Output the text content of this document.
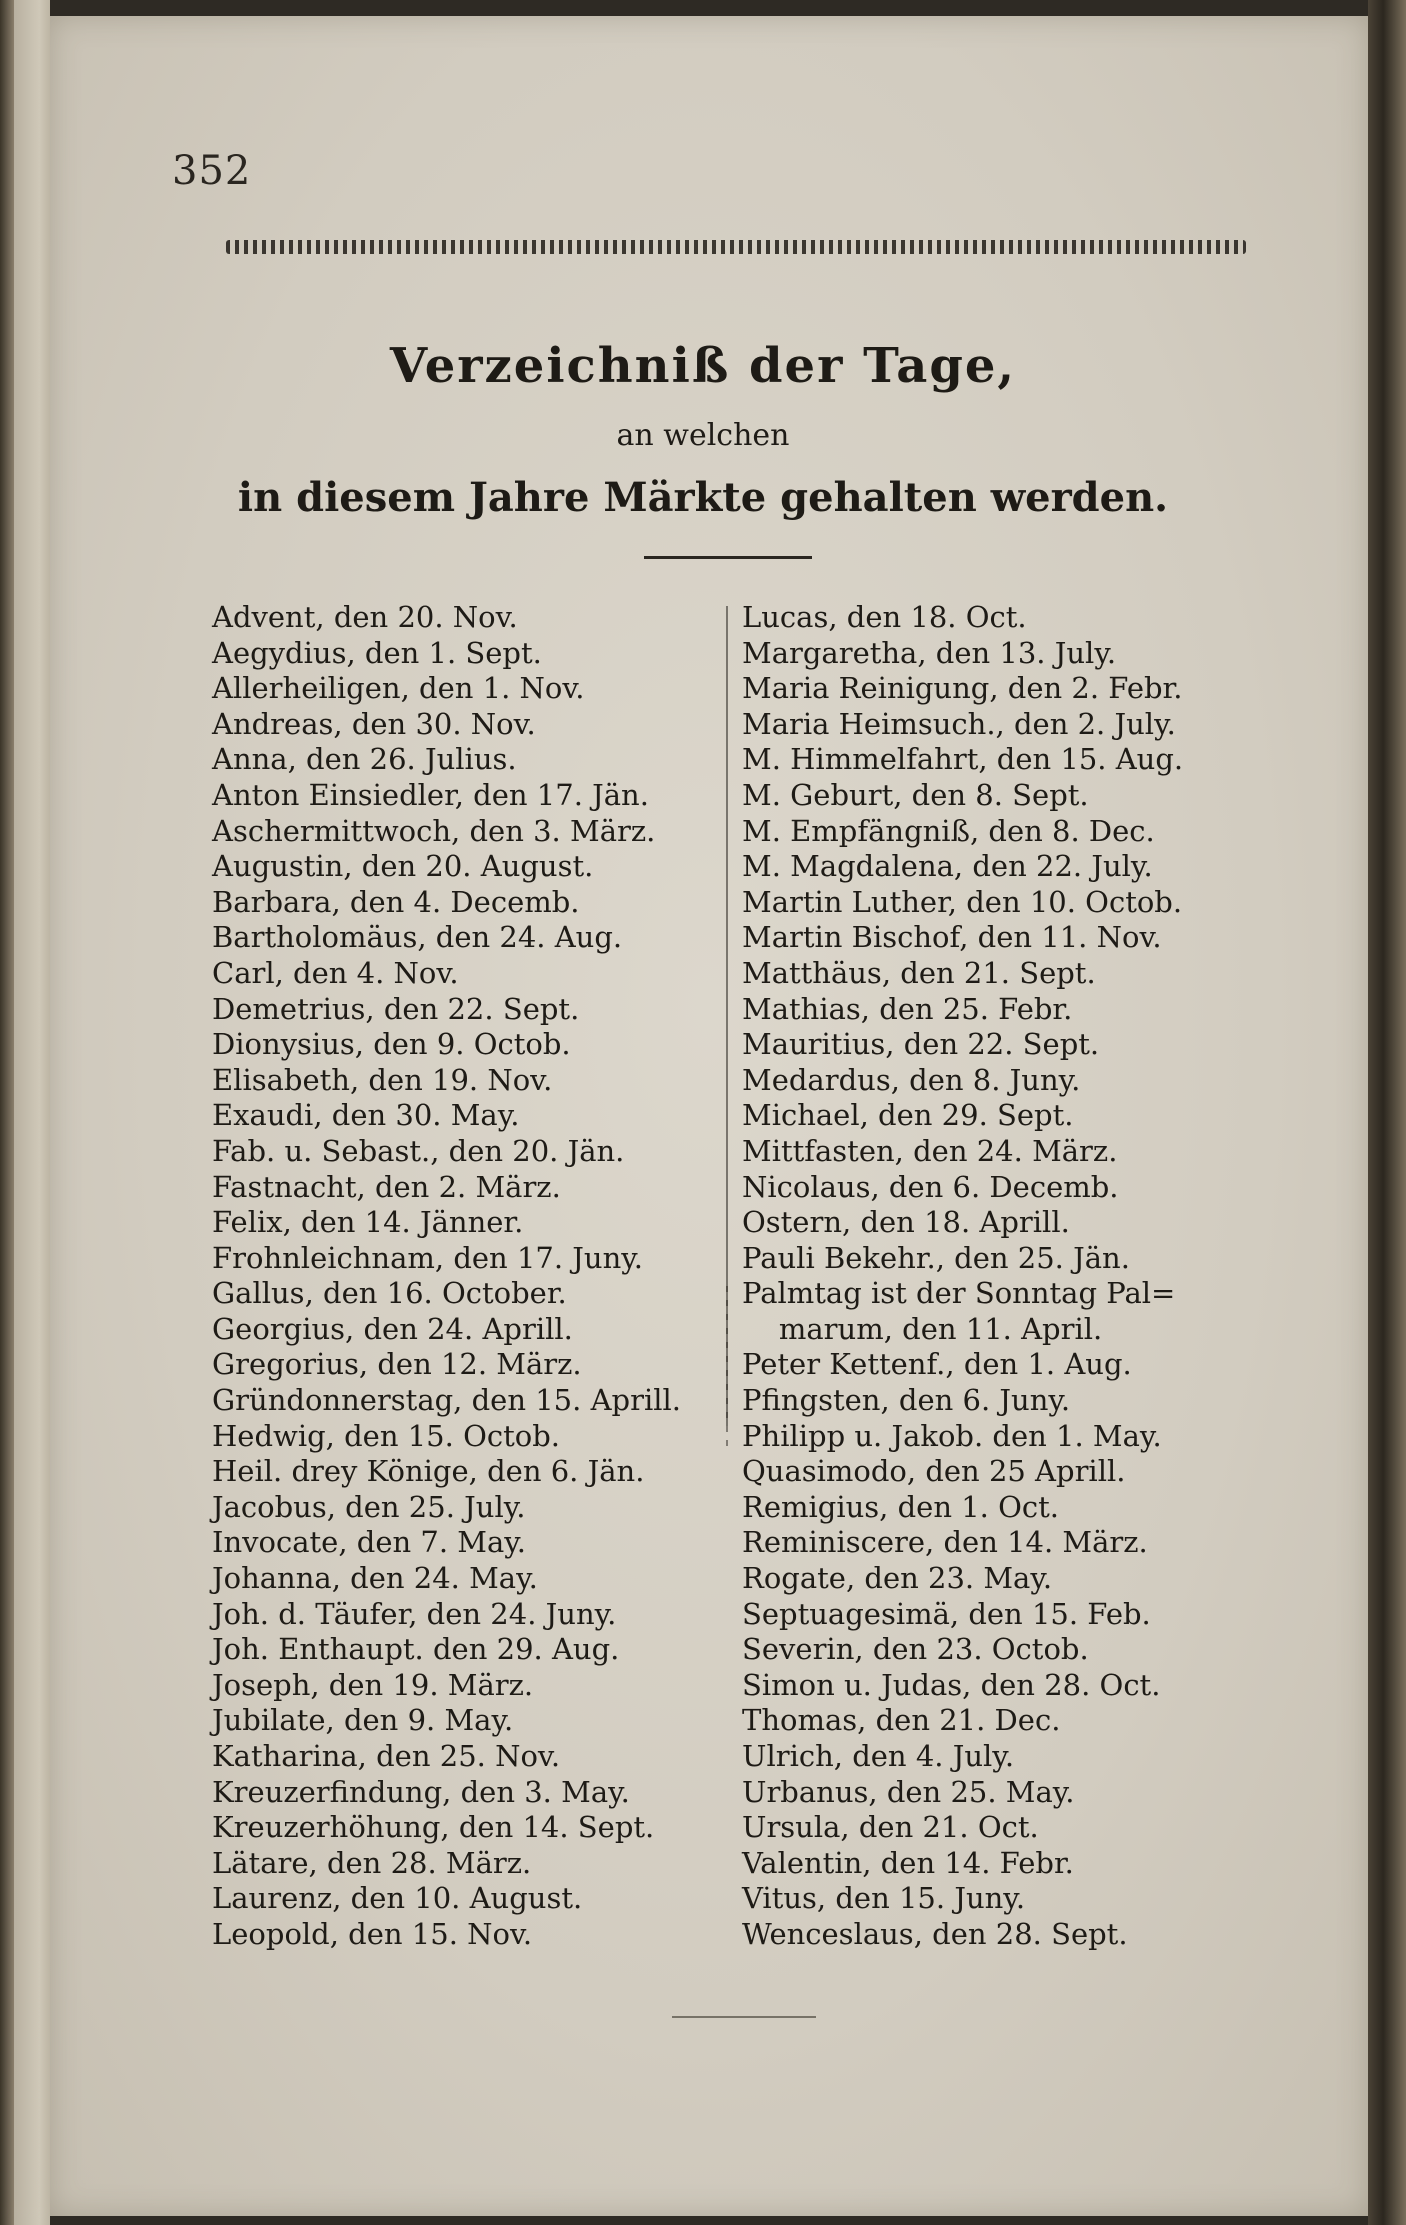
352
Verzeichniß der Tage,
an welchen
in diesem Jahre Märkte gehalten werden.
Advent, den 20. Nov.
Aegydius, den 1. Sept.
Allerheiligen, den 1. Nov.
Andreas, den 30. Nov.
Anna, den 26. Julius.
Anton Einsiedler, den 17. Jän.
Aschermittwoch, den 3. März.
Augustin, den 20. August.
Barbara, den 4. Decemb.
Bartholomäus, den 24. Aug.
Carl, den 4. Nov.
Demetrius, den 22. Sept.
Dionysius, den 9. Octob.
Elisabeth, den 19. Nov.
Exaudi, den 30. May.
Fab. u. Sebast., den 20. Jän.
Fastnacht, den 2. März.
Felix, den 14. Jänner.
Frohnleichnam, den 17. Juny.
Gallus, den 16. October.
Georgius, den 24. Aprill.
Gregorius, den 12. März.
Gründonnerstag, den 15. Aprill.
Hedwig, den 15. Octob.
Heil. drey Könige, den 6. Jän.
Jacobus, den 25. July.
Invocate, den 7. May.
Johanna, den 24. May.
Joh. d. Täufer, den 24. Juny.
Joh. Enthaupt. den 29. Aug.
Joseph, den 19. März.
Jubilate, den 9. May.
Katharina, den 25. Nov.
Kreuzerfindung, den 3. May.
Kreuzerhöhung, den 14. Sept.
Lätare, den 28. März.
Laurenz, den 10. August.
Leopold, den 15. Nov.
Lucas, den 18. Oct.
Margaretha, den 13. July.
Maria Reinigung, den 2. Febr.
Maria Heimsuch., den 2. July.
M. Himmelfahrt, den 15. Aug.
M. Geburt, den 8. Sept.
M. Empfängniß, den 8. Dec.
M. Magdalena, den 22. July.
Martin Luther, den 10. Octob.
Martin Bischof, den 11. Nov.
Matthäus, den 21. Sept.
Mathias, den 25. Febr.
Mauritius, den 22. Sept.
Medardus, den 8. Juny.
Michael, den 29. Sept.
Mittfasten, den 24. März.
Nicolaus, den 6. Decemb.
Ostern, den 18. Aprill.
Pauli Bekehr., den 25. Jän.
Palmtag ist der Sonntag Pal=
marum, den 11. April.
Peter Kettenf., den 1. Aug.
Pfingsten, den 6. Juny.
Philipp u. Jakob. den 1. May.
Quasimodo, den 25 Aprill.
Remigius, den 1. Oct.
Reminiscere, den 14. März.
Rogate, den 23. May.
Septuagesimä, den 15. Feb.
Severin, den 23. Octob.
Simon u. Judas, den 28. Oct.
Thomas, den 21. Dec.
Ulrich, den 4. July.
Urbanus, den 25. May.
Ursula, den 21. Oct.
Valentin, den 14. Febr.
Vitus, den 15. Juny.
Wenceslaus, den 28. Sept.
